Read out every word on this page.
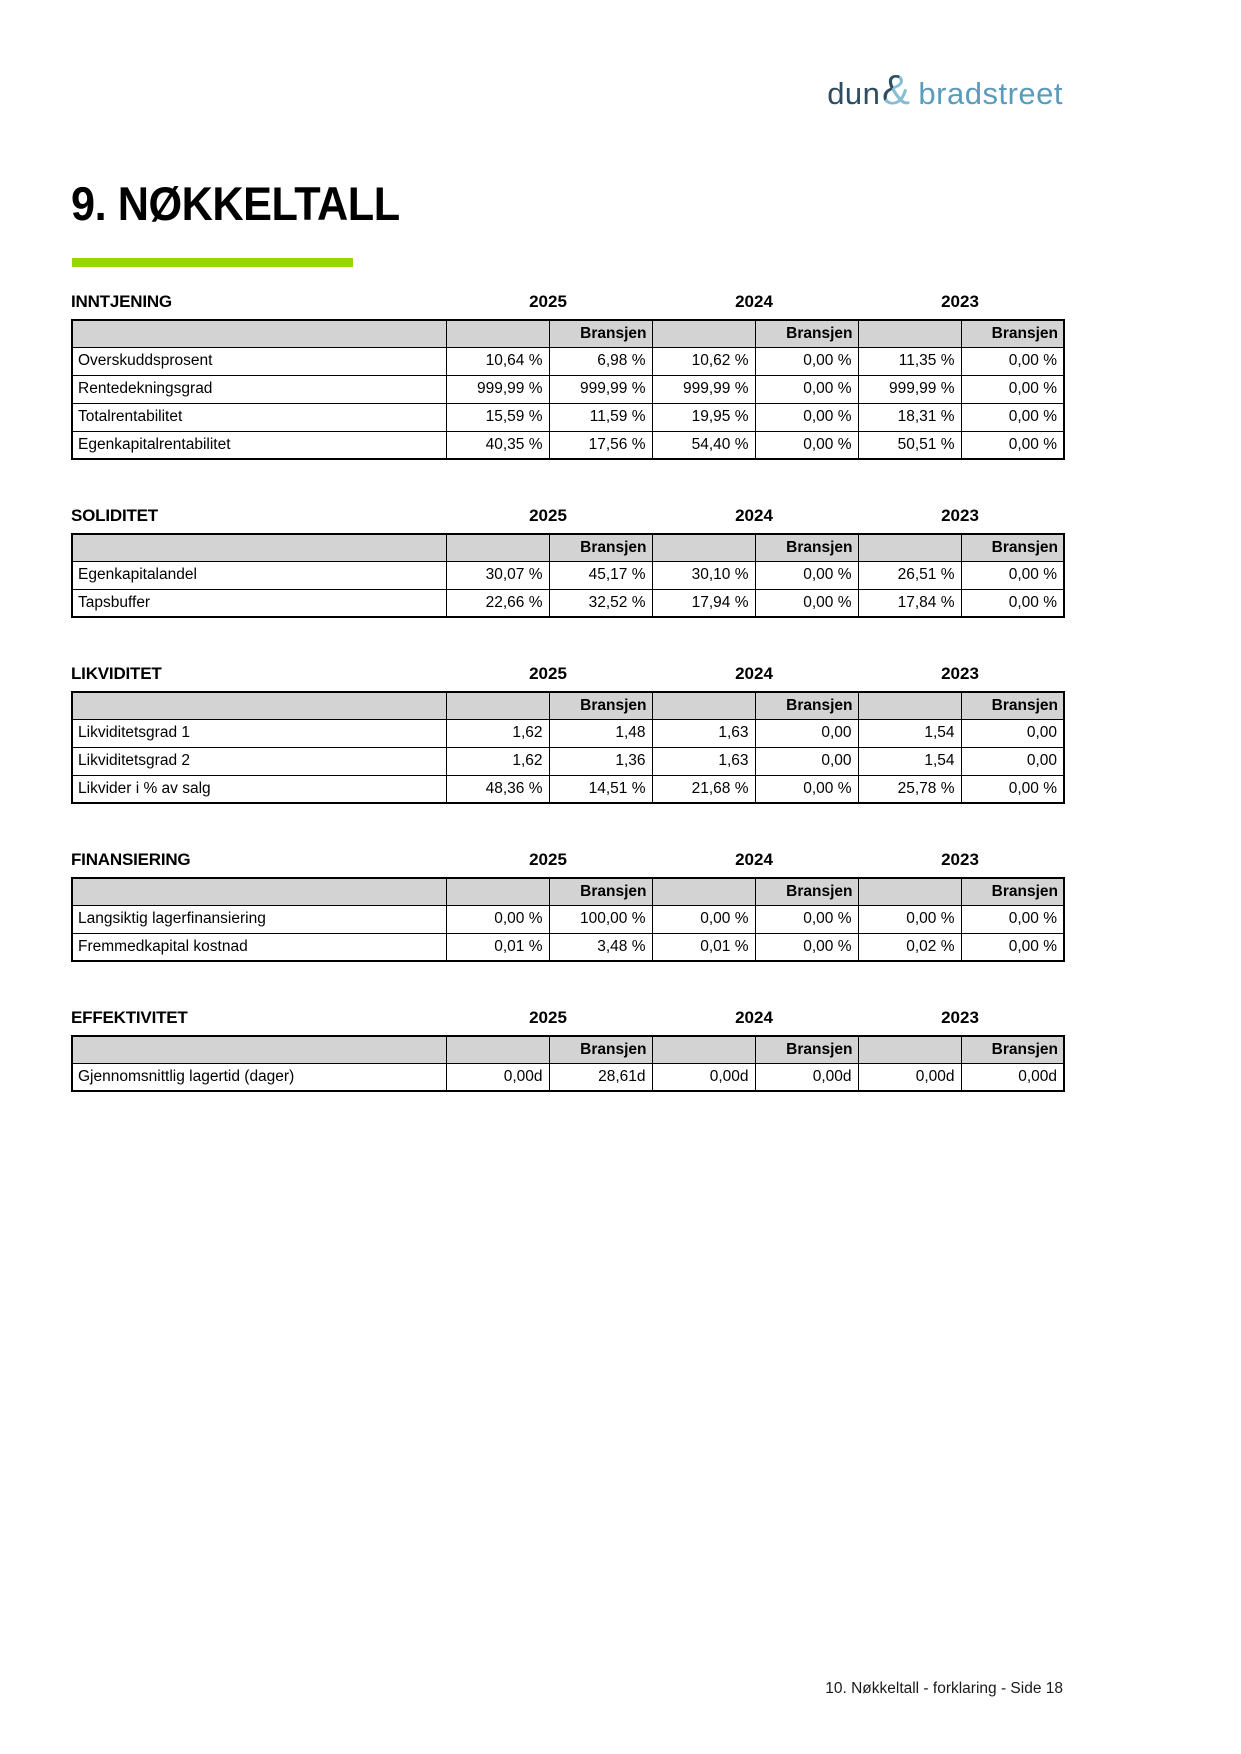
dun & bradstreet
9. NØKKELTALL
INNTJENING	2025	2024	2023
		Bransjen		Bransjen		Bransjen
Overskuddsprosent	10,64 %	6,98 %	10,62 %	0,00 %	11,35 %	0,00 %
Rentedekningsgrad	999,99 %	999,99 %	999,99 %	0,00 %	999,99 %	0,00 %
Totalrentabilitet	15,59 %	11,59 %	19,95 %	0,00 %	18,31 %	0,00 %
Egenkapitalrentabilitet	40,35 %	17,56 %	54,40 %	0,00 %	50,51 %	0,00 %
SOLIDITET	2025	2024	2023
		Bransjen		Bransjen		Bransjen
Egenkapitalandel	30,07 %	45,17 %	30,10 %	0,00 %	26,51 %	0,00 %
Tapsbuffer	22,66 %	32,52 %	17,94 %	0,00 %	17,84 %	0,00 %
LIKVIDITET	2025	2024	2023
		Bransjen		Bransjen		Bransjen
Likviditetsgrad 1	1,62	1,48	1,63	0,00	1,54	0,00
Likviditetsgrad 2	1,62	1,36	1,63	0,00	1,54	0,00
Likvider i % av salg	48,36 %	14,51 %	21,68 %	0,00 %	25,78 %	0,00 %
FINANSIERING	2025	2024	2023
		Bransjen		Bransjen		Bransjen
Langsiktig lagerfinansiering	0,00 %	100,00 %	0,00 %	0,00 %	0,00 %	0,00 %
Fremmedkapital kostnad	0,01 %	3,48 %	0,01 %	0,00 %	0,02 %	0,00 %
EFFEKTIVITET	2025	2024	2023
		Bransjen		Bransjen		Bransjen
Gjennomsnittlig lagertid (dager)	0,00d	28,61d	0,00d	0,00d	0,00d	0,00d
10. Nøkkeltall - forklaring - Side 18
